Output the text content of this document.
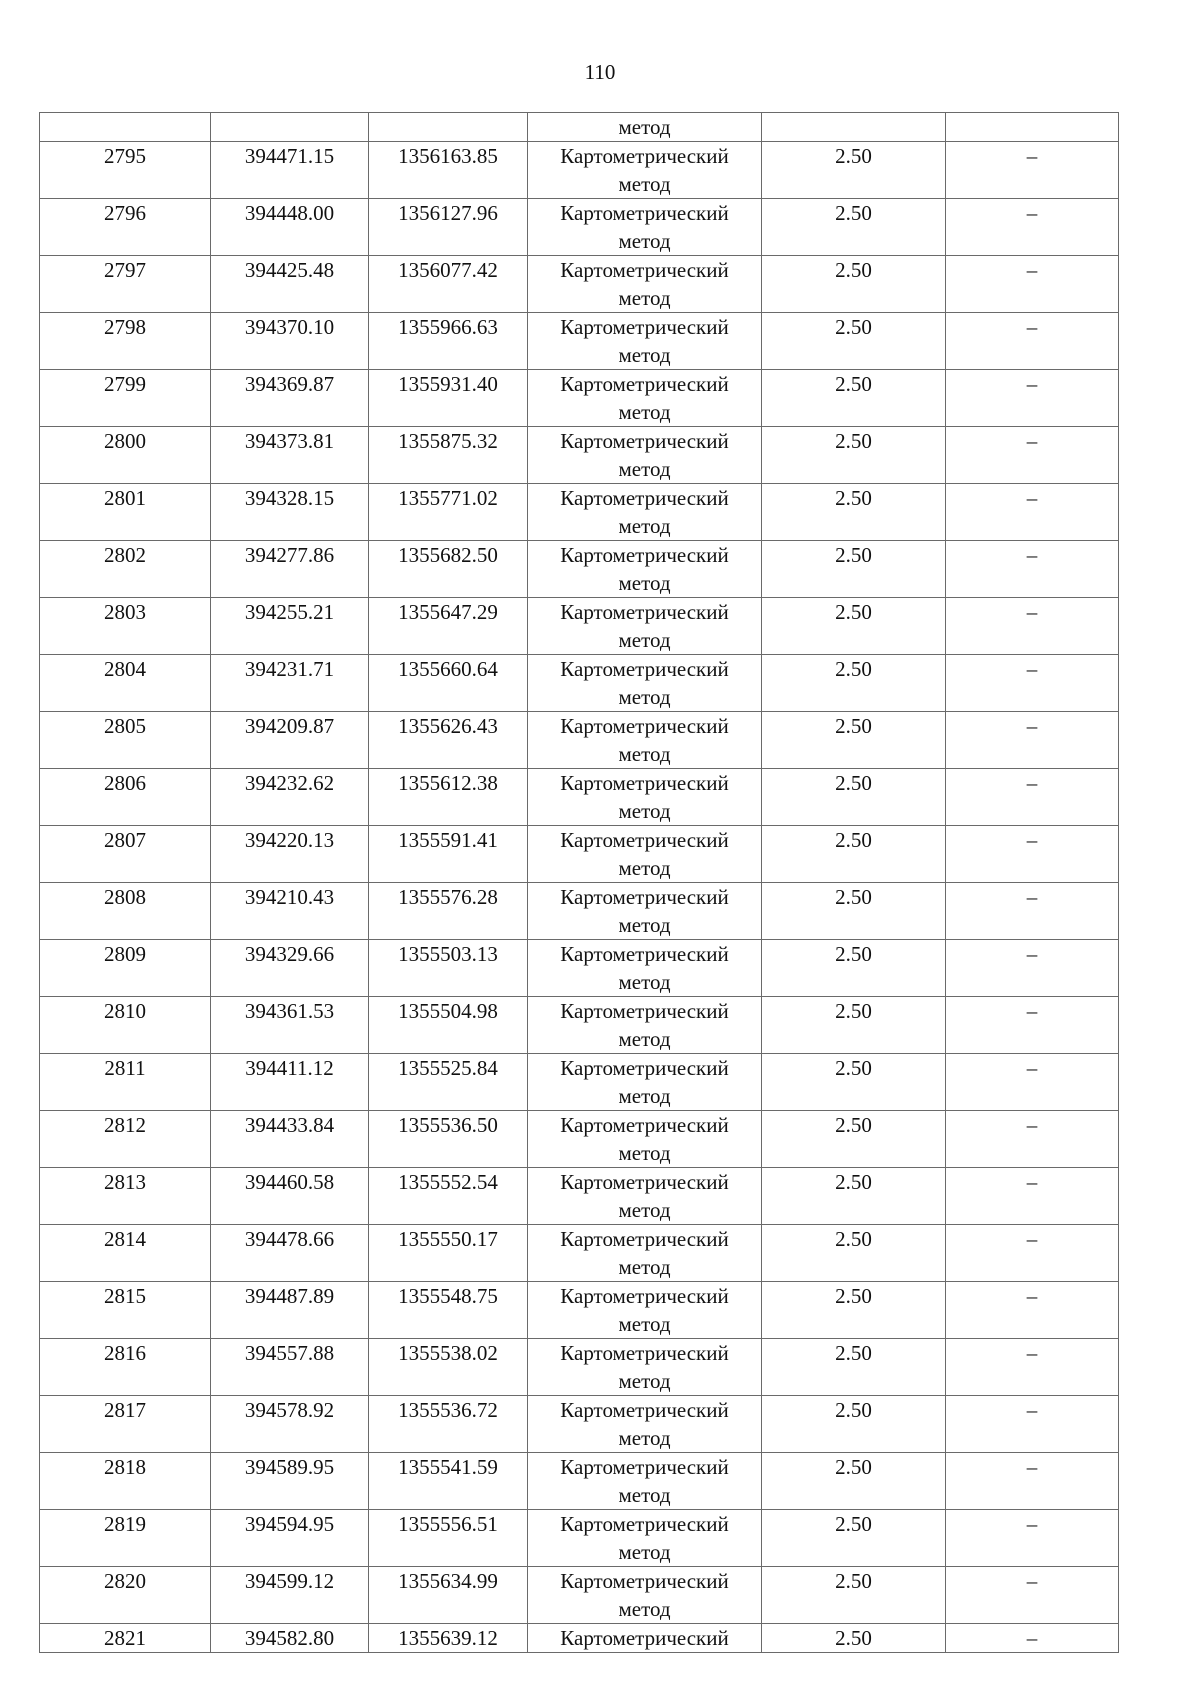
110
			метод		
2795	394471.15	1356163.85	Картометрический
метод	2.50	–
2796	394448.00	1356127.96	Картометрический
метод	2.50	–
2797	394425.48	1356077.42	Картометрический
метод	2.50	–
2798	394370.10	1355966.63	Картометрический
метод	2.50	–
2799	394369.87	1355931.40	Картометрический
метод	2.50	–
2800	394373.81	1355875.32	Картометрический
метод	2.50	–
2801	394328.15	1355771.02	Картометрический
метод	2.50	–
2802	394277.86	1355682.50	Картометрический
метод	2.50	–
2803	394255.21	1355647.29	Картометрический
метод	2.50	–
2804	394231.71	1355660.64	Картометрический
метод	2.50	–
2805	394209.87	1355626.43	Картометрический
метод	2.50	–
2806	394232.62	1355612.38	Картометрический
метод	2.50	–
2807	394220.13	1355591.41	Картометрический
метод	2.50	–
2808	394210.43	1355576.28	Картометрический
метод	2.50	–
2809	394329.66	1355503.13	Картометрический
метод	2.50	–
2810	394361.53	1355504.98	Картометрический
метод	2.50	–
2811	394411.12	1355525.84	Картометрический
метод	2.50	–
2812	394433.84	1355536.50	Картометрический
метод	2.50	–
2813	394460.58	1355552.54	Картометрический
метод	2.50	–
2814	394478.66	1355550.17	Картометрический
метод	2.50	–
2815	394487.89	1355548.75	Картометрический
метод	2.50	–
2816	394557.88	1355538.02	Картометрический
метод	2.50	–
2817	394578.92	1355536.72	Картометрический
метод	2.50	–
2818	394589.95	1355541.59	Картометрический
метод	2.50	–
2819	394594.95	1355556.51	Картометрический
метод	2.50	–
2820	394599.12	1355634.99	Картометрический
метод	2.50	–
2821	394582.80	1355639.12	Картометрический	2.50	–
